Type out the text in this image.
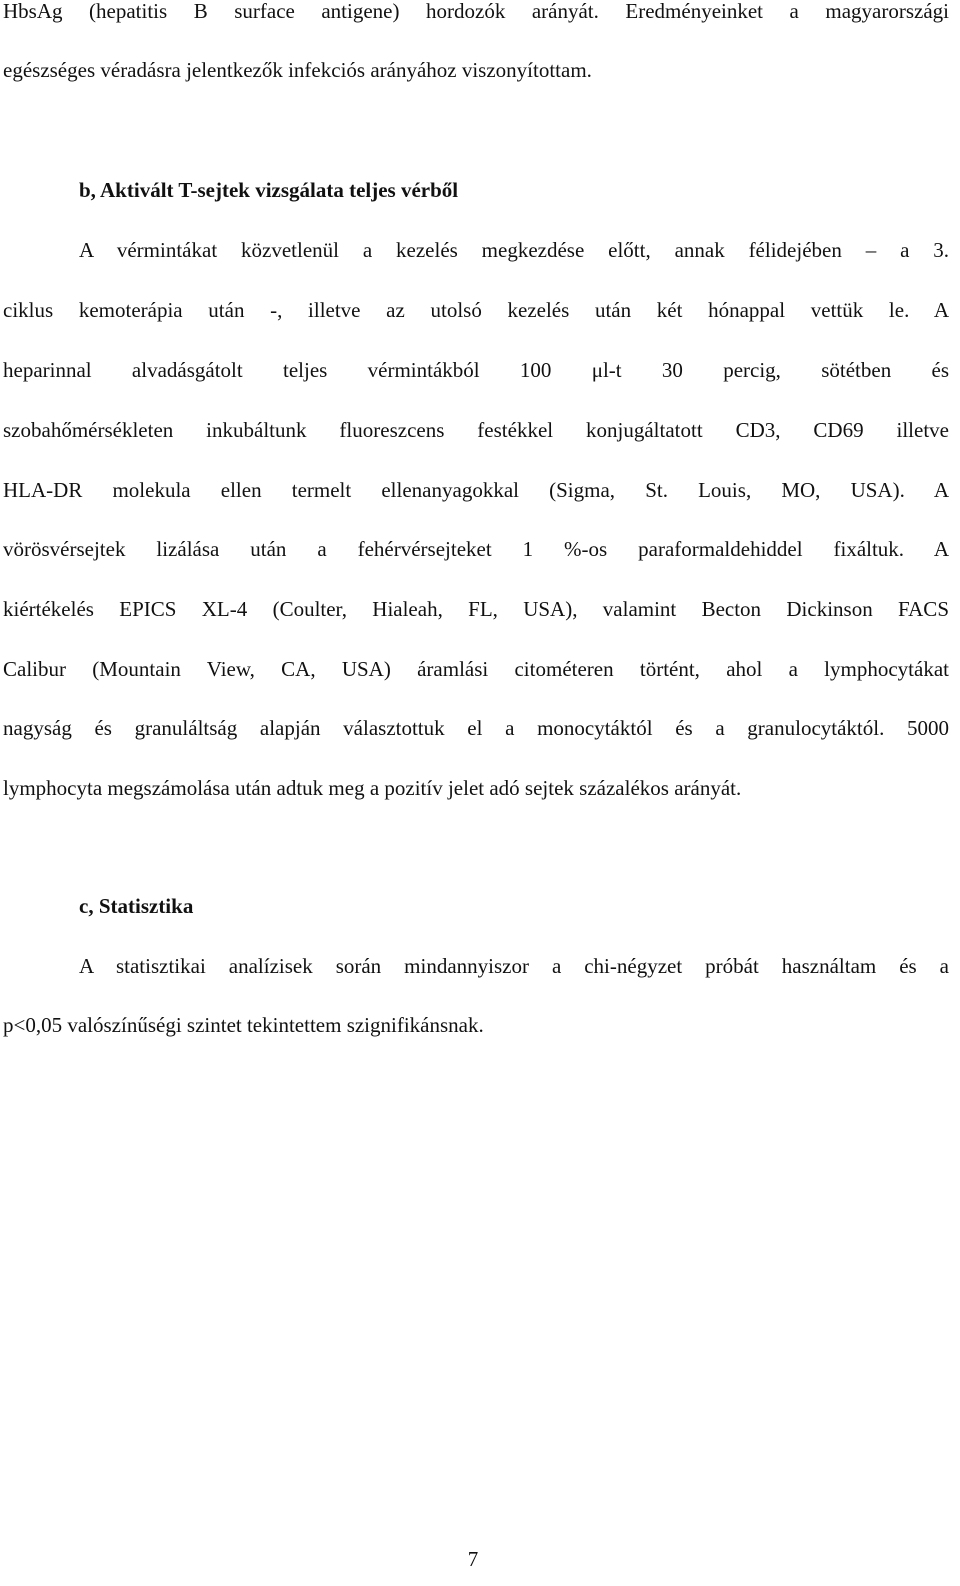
HbsAg (hepatitis B surface antigene) hordozók arányát. Eredményeinket a magyarországi
egészséges véradásra jelentkezők infekciós arányához viszonyítottam.
b, Aktivált T-sejtek vizsgálata teljes vérből
A vérmintákat közvetlenül a kezelés megkezdése előtt, annak félidejében – a 3.
ciklus kemoterápia után -, illetve az utolsó kezelés után két hónappal vettük le. A
heparinnal alvadásgátolt teljes vérmintákból 100 μl-t 30 percig, sötétben és
szobahőmérsékleten inkubáltunk fluoreszcens festékkel konjugáltatott CD3, CD69 illetve
HLA-DR molekula ellen termelt ellenanyagokkal (Sigma, St. Louis, MO, USA). A
vörösvérsejtek lizálása után a fehérvérsejteket 1 %-os paraformaldehiddel fixáltuk. A
kiértékelés EPICS XL-4 (Coulter, Hialeah, FL, USA), valamint Becton Dickinson FACS
Calibur (Mountain View, CA, USA) áramlási citométeren történt, ahol a lymphocytákat
nagyság és granuláltság alapján választottuk el a monocytáktól és a granulocytáktól. 5000
lymphocyta megszámolása után adtuk meg a pozitív jelet adó sejtek százalékos arányát.
c, Statisztika
A statisztikai analízisek során mindannyiszor a chi-négyzet próbát használtam és a
p<0,05 valószínűségi szintet tekintettem szignifikánsnak.
7
